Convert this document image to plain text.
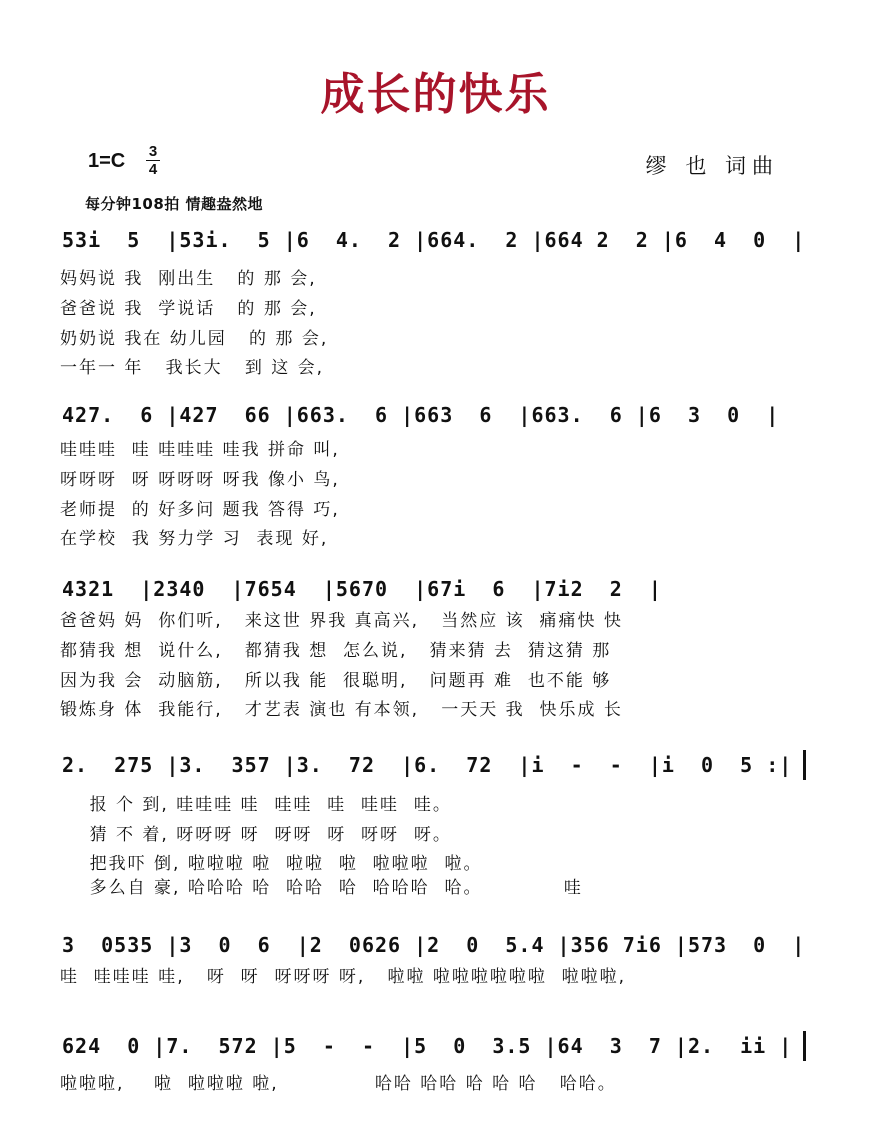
成长的快乐
1=C 3
4	缪 也 词曲
每分钟108拍 情趣盎然地
53i  5  |53i.  5 |6  4.  2 |664.  2 |664 2  2 |6  4  0  |
妈妈说 我  刚出生   的 那 会,
爸爸说 我  学说话   的 那 会,
奶奶说 我在 幼儿园   的 那 会,
一年一 年   我长大   到 这 会,
427.  6 |427  66 |663.  6 |663  6  |663.  6 |6  3  0  |
哇哇哇  哇 哇哇哇 哇我 拼命 叫,
呀呀呀  呀 呀呀呀 呀我 像小 鸟,
老师提  的 好多问 题我 答得 巧,
在学校  我 努力学 习  表现 好,
4321  |2340  |7654  |5670  |67i  6  |7i2  2  |
爸爸妈 妈  你们听,   来这世 界我 真高兴,   当然应 该  痛痛快 快
都猜我 想  说什么,   都猜我 想  怎么说,   猜来猜 去  猜这猜 那
因为我 会  动脑筋,   所以我 能  很聪明,   问题再 难  也不能 够
锻炼身 体  我能行,   才艺表 演也 有本领,   一天天 我  快乐成 长
2.  275 |3.  357 |3.  72  |6.  72  |i  -  -  |i  0  5 :|
报 个 到, 哇哇哇 哇  哇哇  哇  哇哇  哇。
猜 不 着, 呀呀呀 呀  呀呀  呀  呀呀  呀。
把我吓 倒, 啦啦啦 啦  啦啦  啦  啦啦啦  啦。
多么自 豪, 哈哈哈 哈  哈哈  哈  哈哈哈  哈。           哇
3  0535 |3  0  6  |2  0626 |2  0  5.4 |356 7i6 |573  0  |
哇  哇哇哇 哇,   呀  呀  呀呀呀 呀,   啦啦 啦啦啦啦啦啦  啦啦啦,
624  0 |7.  572 |5  -  -  |5  0  3.5 |64  3  7 |2.  ii |
啦啦啦,    啦  啦啦啦 啦,             哈哈 哈哈 哈 哈 哈   哈哈。
